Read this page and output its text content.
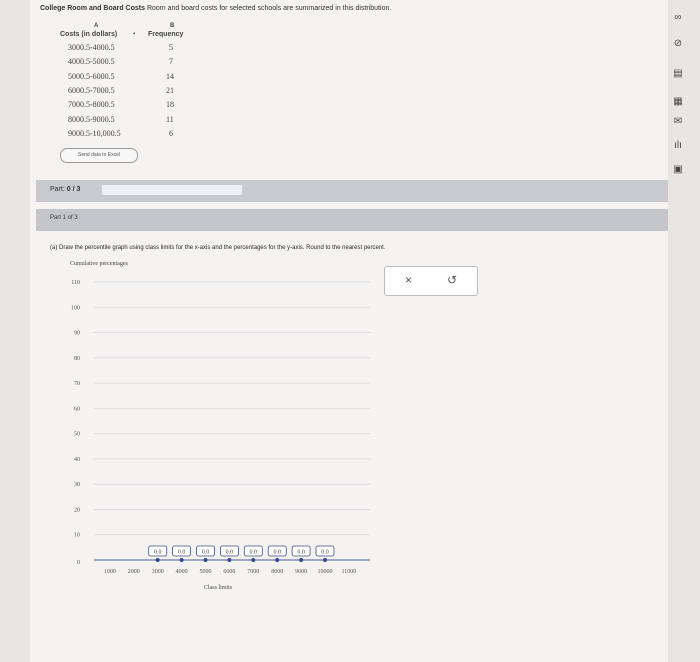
College Room and Board Costs Room and board costs for selected schools are summarized in this distribution.
A	B
Costs (in dollars) • Frequency
3000.5-4000.5	5
4000.5-5000.5	7
5000.5-6000.5	14
6000.5-7000.5	21
7000.5-8000.5	18
8000.5-9000.5	11
9000.5-10,000.5	6
Send data to Excel
Part: 0 / 3
Part 1 of 3
(a) Draw the percentile graph using class limits for the x-axis and the percentages for the y-axis. Round to the nearest percent.
Cumulative percentages
×	↺
∞
⊘
▤
▦
✉
ılı
▣
0
10
20
30
40
50
60
70
80
90
100
110
1000 2000 3000 4000 5000 6000 7000 8000 9000 10000 11000
0.0	0.0	0.0	0.0	0.0	0.0	0.0	0.0
Class limits
